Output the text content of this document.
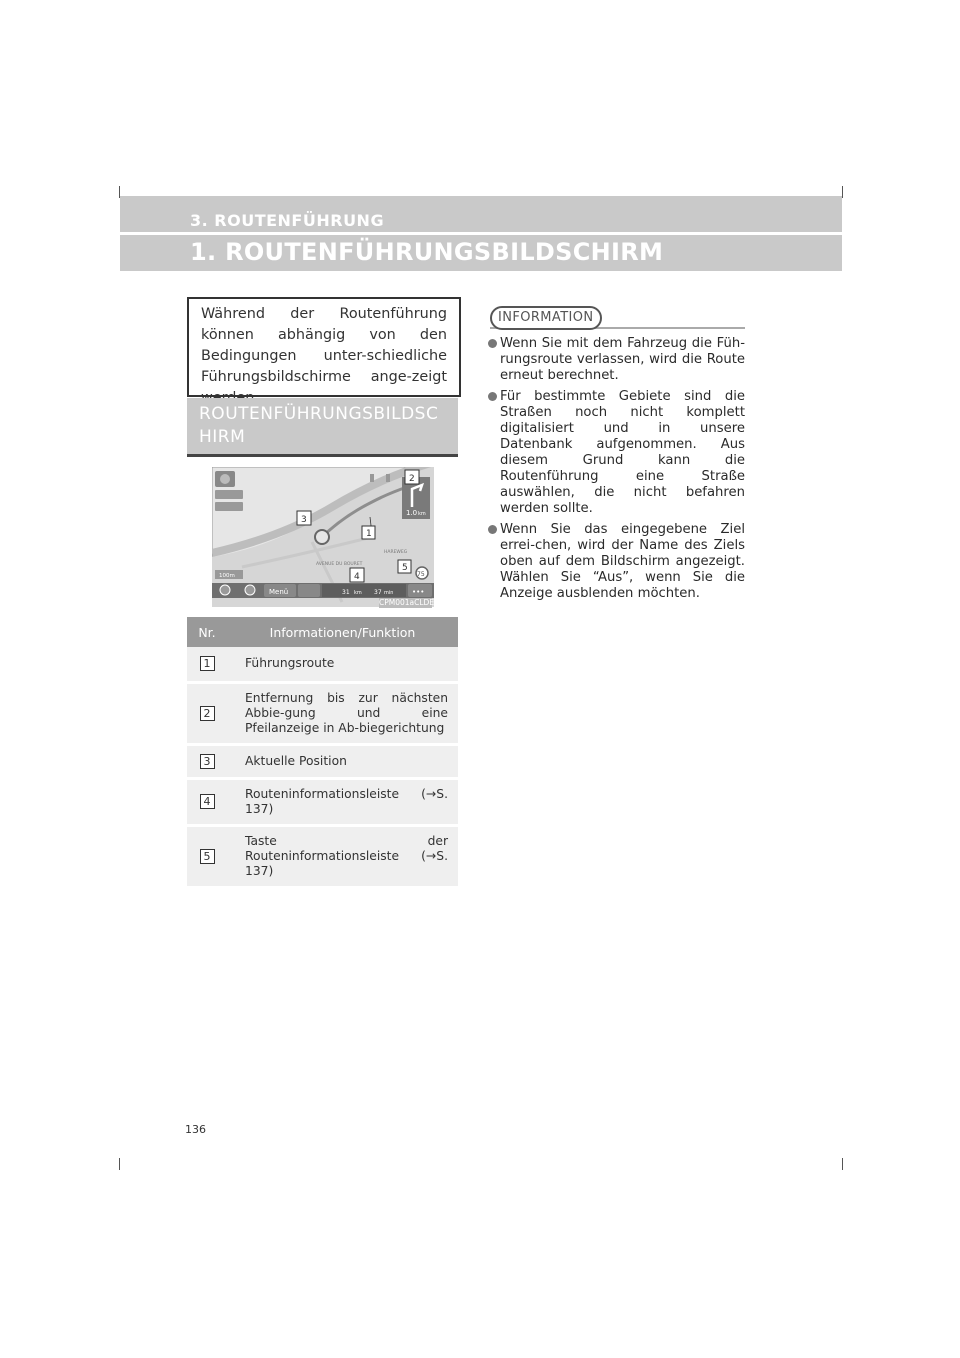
3. ROUTENFÜHRUNG
1. ROUTENFÜHRUNGSBILDSCHIRM
Während der Routenführung können abhängig von den Bedingungen unter-schiedliche Führungsbildschirme ange-zeigt
ROUTENFÜHRUNGSBILDSC HIRM
1.0 km
HAREWEG
AVENUE DU BOURET
100m	75
Menü	31 km 37 min	•••
1
2
3
4
5
CPM001aCLDE
Nr.	Informationen/Funktion
1	Führungsroute
2	Entfernung bis zur nächsten Abbie-gung und eine Pfeilanzeige in Ab-biegerichtung
3	Aktuelle Position
4	Routeninformationsleiste (→S. 137)
5	Taste der Routeninformationsleiste (→S. 137)
INFORMATION
Wenn Sie mit dem Fahrzeug die Füh-rungsroute verlassen, wird die Route erneut berechnet.
Für bestimmte Gebiete sind die Straßen noch nicht komplett digitalisiert und in unsere Datenbank aufgenommen. Aus diesem Grund kann die Routenführung eine Straße auswählen, die nicht befahren werden sollte.
Wenn Sie das eingegebene Ziel errei-chen, wird der Name des Ziels oben auf dem Bildschirm angezeigt. Wählen Sie “Aus”, wenn Sie die Anzeige ausblenden möchten.
136
